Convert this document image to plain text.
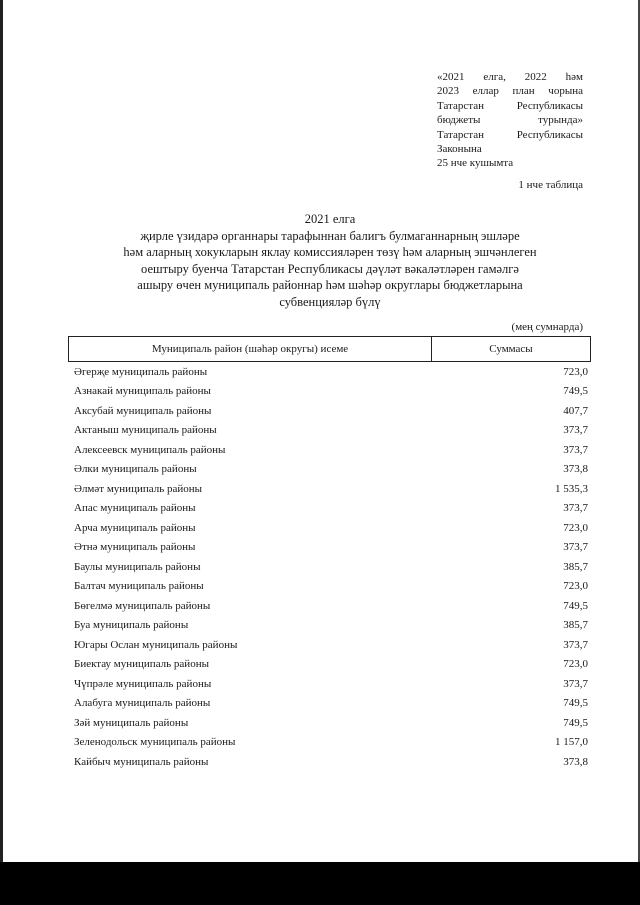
«2021 елга, 2022 һәм
2023 еллар план чорына
Татарстан Республикасы
бюджеты турында»
Татарстан Республикасы
Законына
25 нче кушымта
1 нче таблица
2021 елга
җирле үзидарә органнары тарафыннан балигъ булмаганнарның эшләре
һәм аларның хокукларын яклау комиссияләрен төзү һәм аларның эшчәнлеген
оештыру буенча Татарстан Республикасы дәүләт вәкаләтләрен гамәлгә
ашыру өчен муниципаль районнар һәм шәһәр округлары бюджетларына
субвенцияләр бүлү
(мең сумнарда)
Муниципаль район (шәһәр округы) исеме	Суммасы
Әгерҗе муниципаль районы	723,0
Азнакай муниципаль районы	749,5
Аксубай муниципаль районы	407,7
Актаныш муниципаль районы	373,7
Алексеевск муниципаль районы	373,7
Әлки муниципаль районы	373,8
Әлмәт муниципаль районы	1 535,3
Апас муниципаль районы	373,7
Арча муниципаль районы	723,0
Әтнә муниципаль районы	373,7
Баулы муниципаль районы	385,7
Балтач муниципаль районы	723,0
Бөгелмә муниципаль районы	749,5
Буа муниципаль районы	385,7
Югары Ослан муниципаль районы	373,7
Биектау муниципаль районы	723,0
Чүпрәле муниципаль районы	373,7
Алабуга муниципаль районы	749,5
Зәй муниципаль районы	749,5
Зеленодольск муниципаль районы	1 157,0
Кайбыч муниципаль районы	373,8
